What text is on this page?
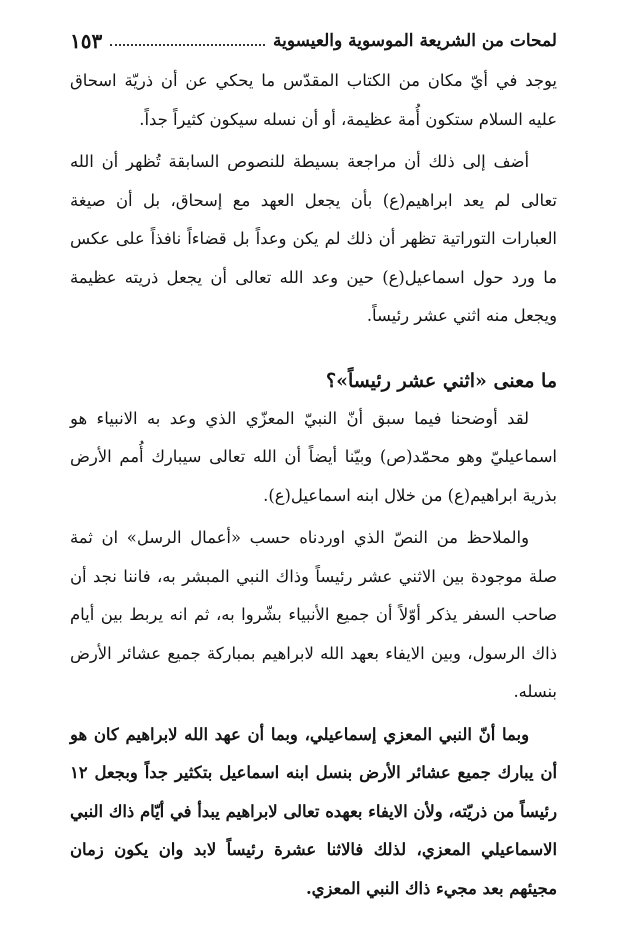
لمحات من الشريعة الموسوية والعيسوية
١٥٣

يوجد في أيّ مكان من الكتاب المقدّس ما يحكي عن أن ذريّة اسحاق عليه السلام ستكون أُمة عظيمة، أو أن نسله سيكون كثيراً جداً.

أضف إلى ذلك أن مراجعة بسيطة للنصوص السابقة تُظهر أن الله تعالى لم يعد ابراهيم(ع) بأن يجعل العهد مع إسحاق، بل أن صيغة العبارات التوراتية تظهر أن ذلك لم يكن وعداً بل قضاءاً نافذاً على عكس ما ورد حول اسماعيل(ع) حين وعد الله تعالى أن يجعل ذريته عظيمة ويجعل منه اثني عشر رئيساً.

ما معنى «اثني عشر رئيساً»؟

لقد أوضحنا فيما سبق أنّ النبيّ المعزّي الذي وعد به الانبياء هو اسماعيليّ وهو محمّد(ص) وبيّنا أيضاً أن الله تعالى سيبارك أُمم الأرض بذرية ابراهيم(ع) من خلال ابنه اسماعيل(ع).

والملاحظ من النصّ الذي اوردناه حسب «أعمال الرسل» ان ثمة صلة موجودة بين الاثني عشر رئيساً وذاك النبي المبشر به، فاننا نجد أن صاحب السفر يذكر أوّلاً أن جميع الأنبياء بشّروا به، ثم انه يربط بين أيام ذاك الرسول، وبين الايفاء بعهد الله لابراهيم بمباركة جميع عشائر الأرض بنسله.

وبما أنّ النبي المعزي إسماعيلي، وبما أن عهد الله لابراهيم كان هو أن يبارك جميع عشائر الأرض بنسل ابنه اسماعيل بتكثير جداً وبجعل ١٢ رئيساً من ذريّته، ولأن الايفاء بعهده تعالى لابراهيم يبدأ في أيّام ذاك النبي الاسماعيلي المعزي، لذلك فالاثنا عشرة رئيساً لابد وان يكون زمان مجيئهم بعد مجيء ذاك النبي المعزي.
